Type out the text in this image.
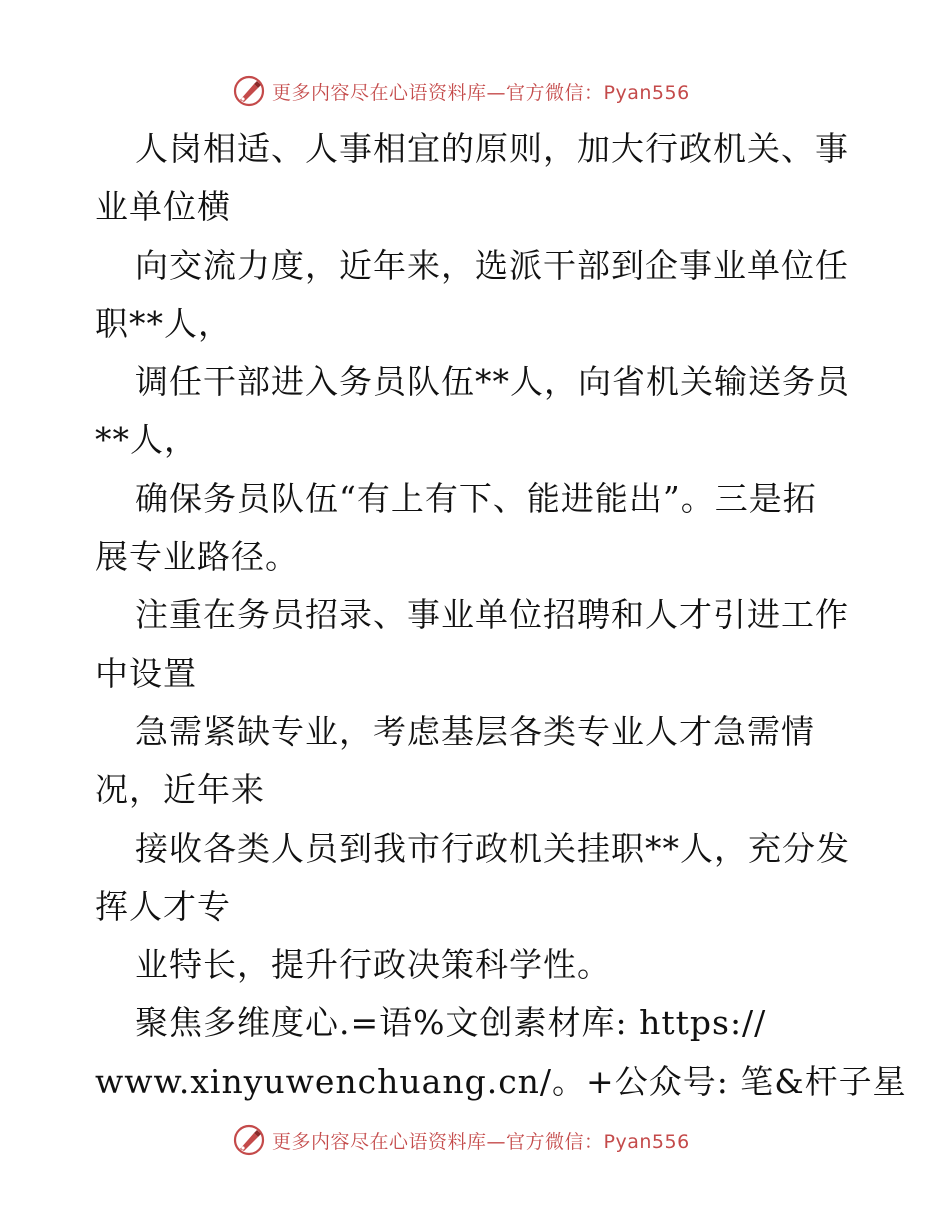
更多内容尽在心语资料库—官方微信：Pyan556
人岗相适、人事相宜的原则，加大行政机关、事
业单位横
向交流力度，近年来，选派干部到企事业单位任
职**人，
调任干部进入务员队伍**人，向省机关输送务员
**人，
确保务员队伍“有上有下、能进能出”。三是拓
展专业路径。
注重在务员招录、事业单位招聘和人才引进工作
中设置
急需紧缺专业，考虑基层各类专业人才急需情
况，近年来
接收各类人员到我市行政机关挂职**人，充分发
挥人才专
业特长，提升行政决策科学性。
聚焦多维度心.=语%文创素材库: https://
www.xinyuwenchuang.cn/。+公众号: 笔&杆子星
更多内容尽在心语资料库—官方微信：Pyan556
